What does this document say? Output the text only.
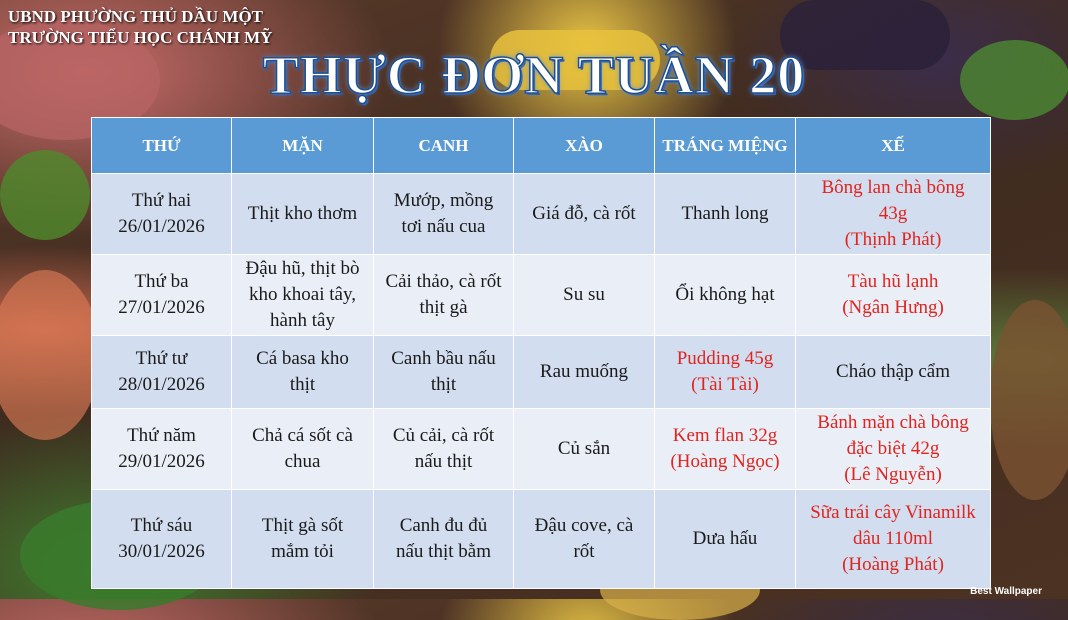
UBND PHƯỜNG THỦ DẦU MỘT
TRƯỜNG TIỂU HỌC CHÁNH MỸ
THỰC ĐƠN TUẦN 20
THỨ	MẶN	CANH	XÀO	TRÁNG MIỆNG	XẾ

Thứ hai
26/01/2026	Thịt kho thơm	Mướp, mồng
tơi nấu cua	Giá đỗ, cà rốt	Thanh long	Bông lan chà bông
43g
(Thịnh Phát)

Thứ ba
27/01/2026	Đậu hũ, thịt bò
kho khoai tây,
hành tây	Cải thảo, cà rốt
thịt gà	Su su	Ổi không hạt	Tàu hũ lạnh
(Ngân Hưng)

Thứ tư
28/01/2026	Cá basa kho
thịt	Canh bầu nấu
thịt	Rau muống	Pudding 45g
(Tài Tài)	Cháo thập cẩm

Thứ năm
29/01/2026	Chả cá sốt cà
chua	Củ cải, cà rốt
nấu thịt	Củ sắn	Kem flan 32g
(Hoàng Ngọc)	Bánh mặn chà bông
đặc biệt 42g
(Lê Nguyễn)

Thứ sáu
30/01/2026	Thịt gà sốt
mắm tỏi	Canh đu đủ
nấu thịt bằm	Đậu cove, cà
rốt	Dưa hấu	Sữa trái cây Vinamilk
dâu 110ml
(Hoàng Phát)
Best Wallpaper
